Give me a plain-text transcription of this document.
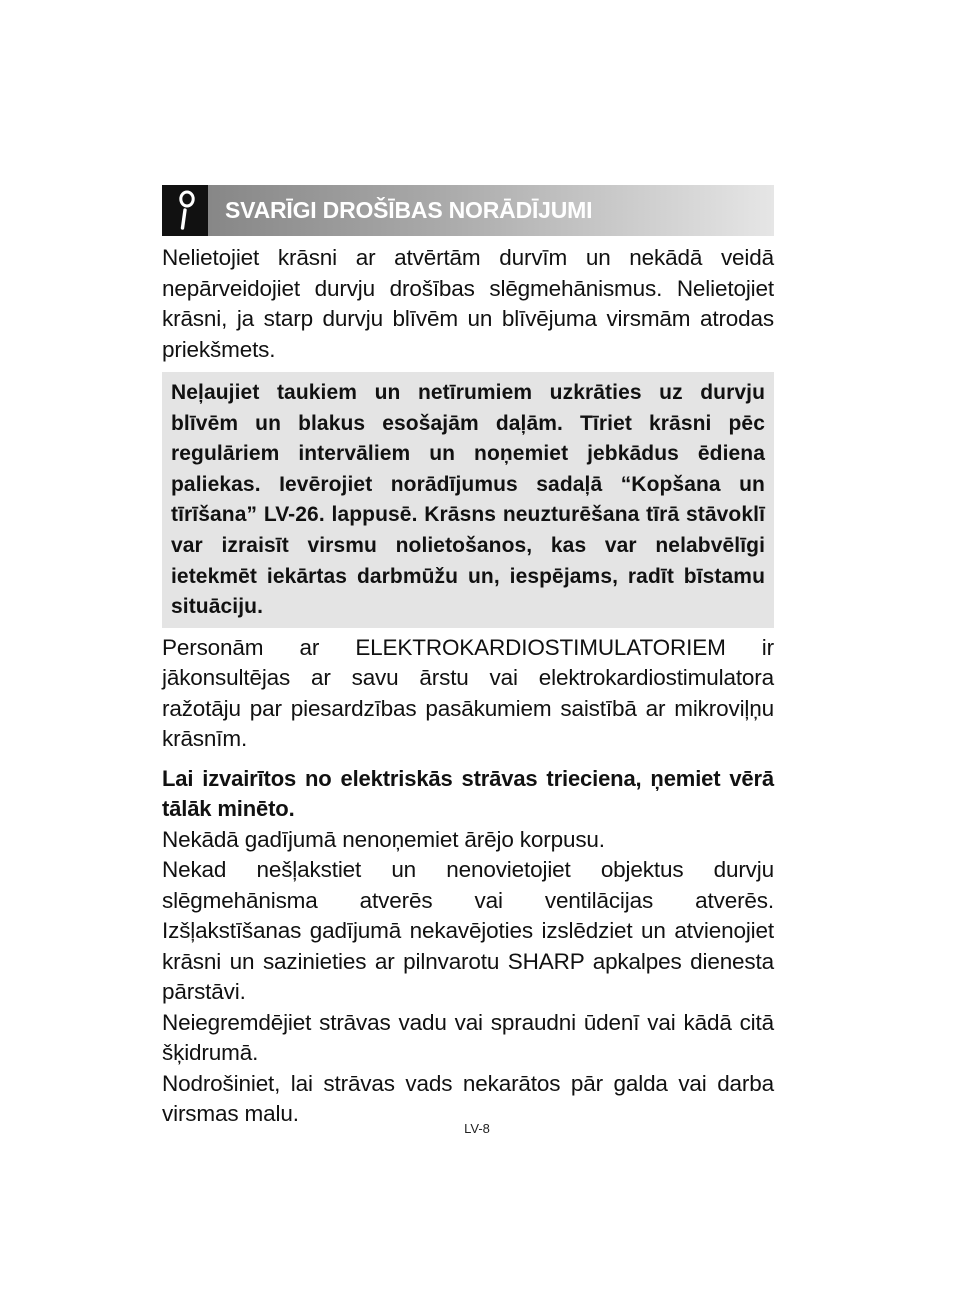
SVARĪGI DROŠĪBAS NORĀDĪJUMI

Nelietojiet krāsni ar atvērtām durvīm un nekādā veidā nepārveidojiet durvju drošības slēgmehānismus. Nelietojiet krāsni, ja starp durvju blīvēm un blīvējuma virsmām atrodas priekšmets.

Neļaujiet taukiem un netīrumiem uzkrāties uz durvju blīvēm un blakus esošajām daļām. Tīriet krāsni pēc regulāriem intervāliem un noņemiet jebkādus ēdiena paliekas. Ievērojiet norādījumus sadaļā “Kopšana un tīrīšana” LV-26. lappusē. Krāsns neuzturēšana tīrā stāvoklī var izraisīt virsmu nolietošanos, kas var nelabvēlīgi ietekmēt iekārtas darbmūžu un, iespējams, radīt bīstamu situāciju.

Personām ar ELEKTROKARDIOSTIMULATORIEM ir jākonsultējas ar savu ārstu vai elektrokardiostimulatora ražotāju par piesardzības pasākumiem saistībā ar mikroviļņu krāsnīm.

Lai izvairītos no elektriskās strāvas trieciena, ņemiet vērā tālāk minēto.

Nekādā gadījumā nenoņemiet ārējo korpusu.

Nekad nešļakstiet un nenovietojiet objektus durvju slēgmehānisma atverēs vai ventilācijas atverēs. Izšļakstīšanas gadījumā nekavējoties izslēdziet un atvienojiet krāsni un sazinieties ar pilnvarotu SHARP apkalpes dienesta pārstāvi.

Neiegremdējiet strāvas vadu vai spraudni ūdenī vai kādā citā šķidrumā.

Nodrošiniet, lai strāvas vads nekarātos pār galda vai darba virsmas malu.

LV-8
